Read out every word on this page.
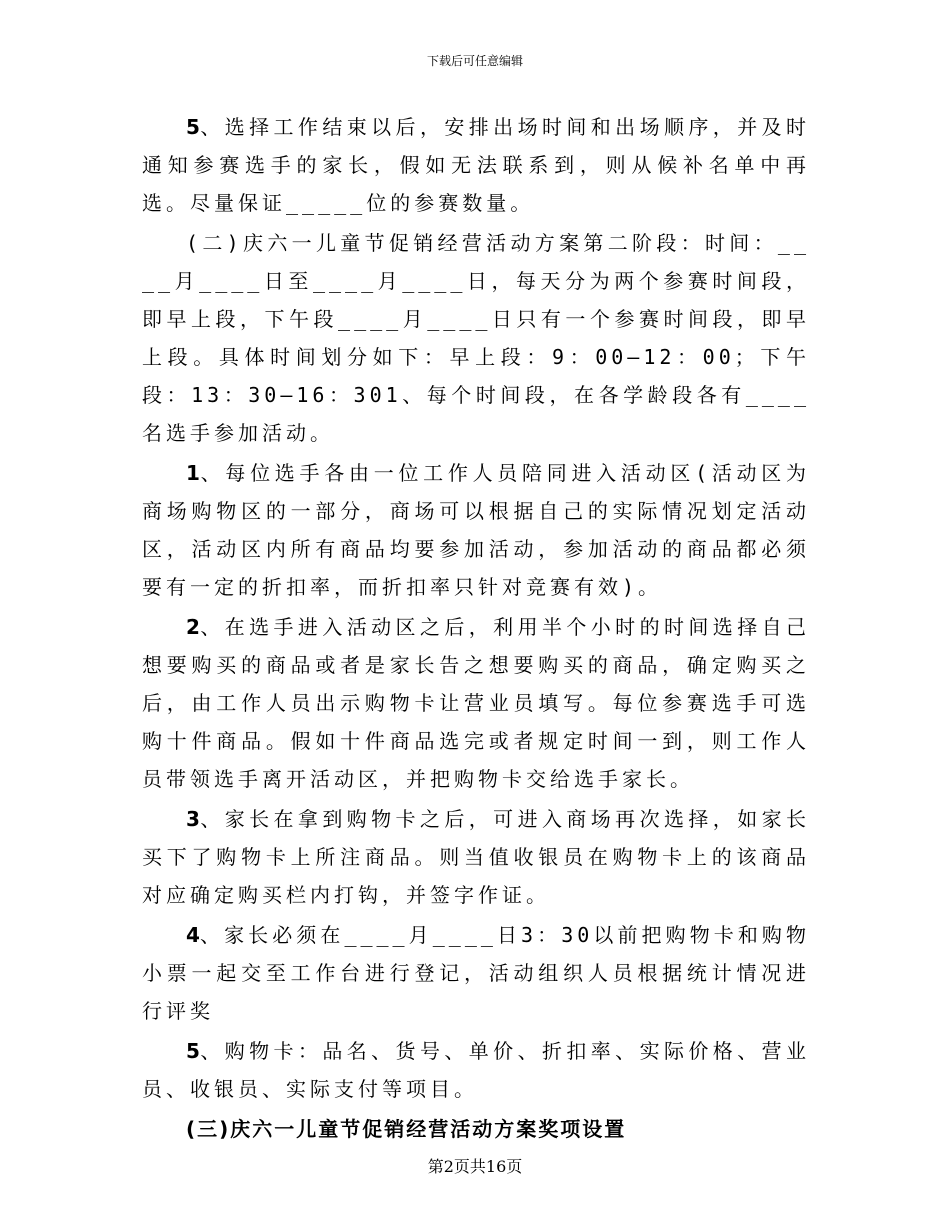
下载后可任意编辑

5、选择工作结束以后，安排出场时间和出场顺序，并及时通知参赛选手的家长，假如无法联系到，则从候补名单中再选。尽量保证_____位的参赛数量。

(二)庆六一儿童节促销经营活动方案第二阶段：时间：____月____日至____月____日，每天分为两个参赛时间段，即早上段，下午段____月____日只有一个参赛时间段，即早上段。具体时间划分如下：早上段：9：00—12：00；下午段：13：30—16：301、每个时间段，在各学龄段各有____名选手参加活动。

1、每位选手各由一位工作人员陪同进入活动区(活动区为商场购物区的一部分，商场可以根据自己的实际情况划定活动区，活动区内所有商品均要参加活动，参加活动的商品都必须要有一定的折扣率，而折扣率只针对竞赛有效)。

2、在选手进入活动区之后，利用半个小时的时间选择自己想要购买的商品或者是家长告之想要购买的商品，确定购买之后，由工作人员出示购物卡让营业员填写。每位参赛选手可选购十件商品。假如十件商品选完或者规定时间一到，则工作人员带领选手离开活动区，并把购物卡交给选手家长。

3、家长在拿到购物卡之后，可进入商场再次选择，如家长买下了购物卡上所注商品。则当值收银员在购物卡上的该商品对应确定购买栏内打钩，并签字作证。

4、家长必须在____月____日3：30以前把购物卡和购物小票一起交至工作台进行登记，活动组织人员根据统计情况进行评奖

5、购物卡：品名、货号、单价、折扣率、实际价格、营业员、收银员、实际支付等项目。

(三)庆六一儿童节促销经营活动方案奖项设置
第2页共16页
